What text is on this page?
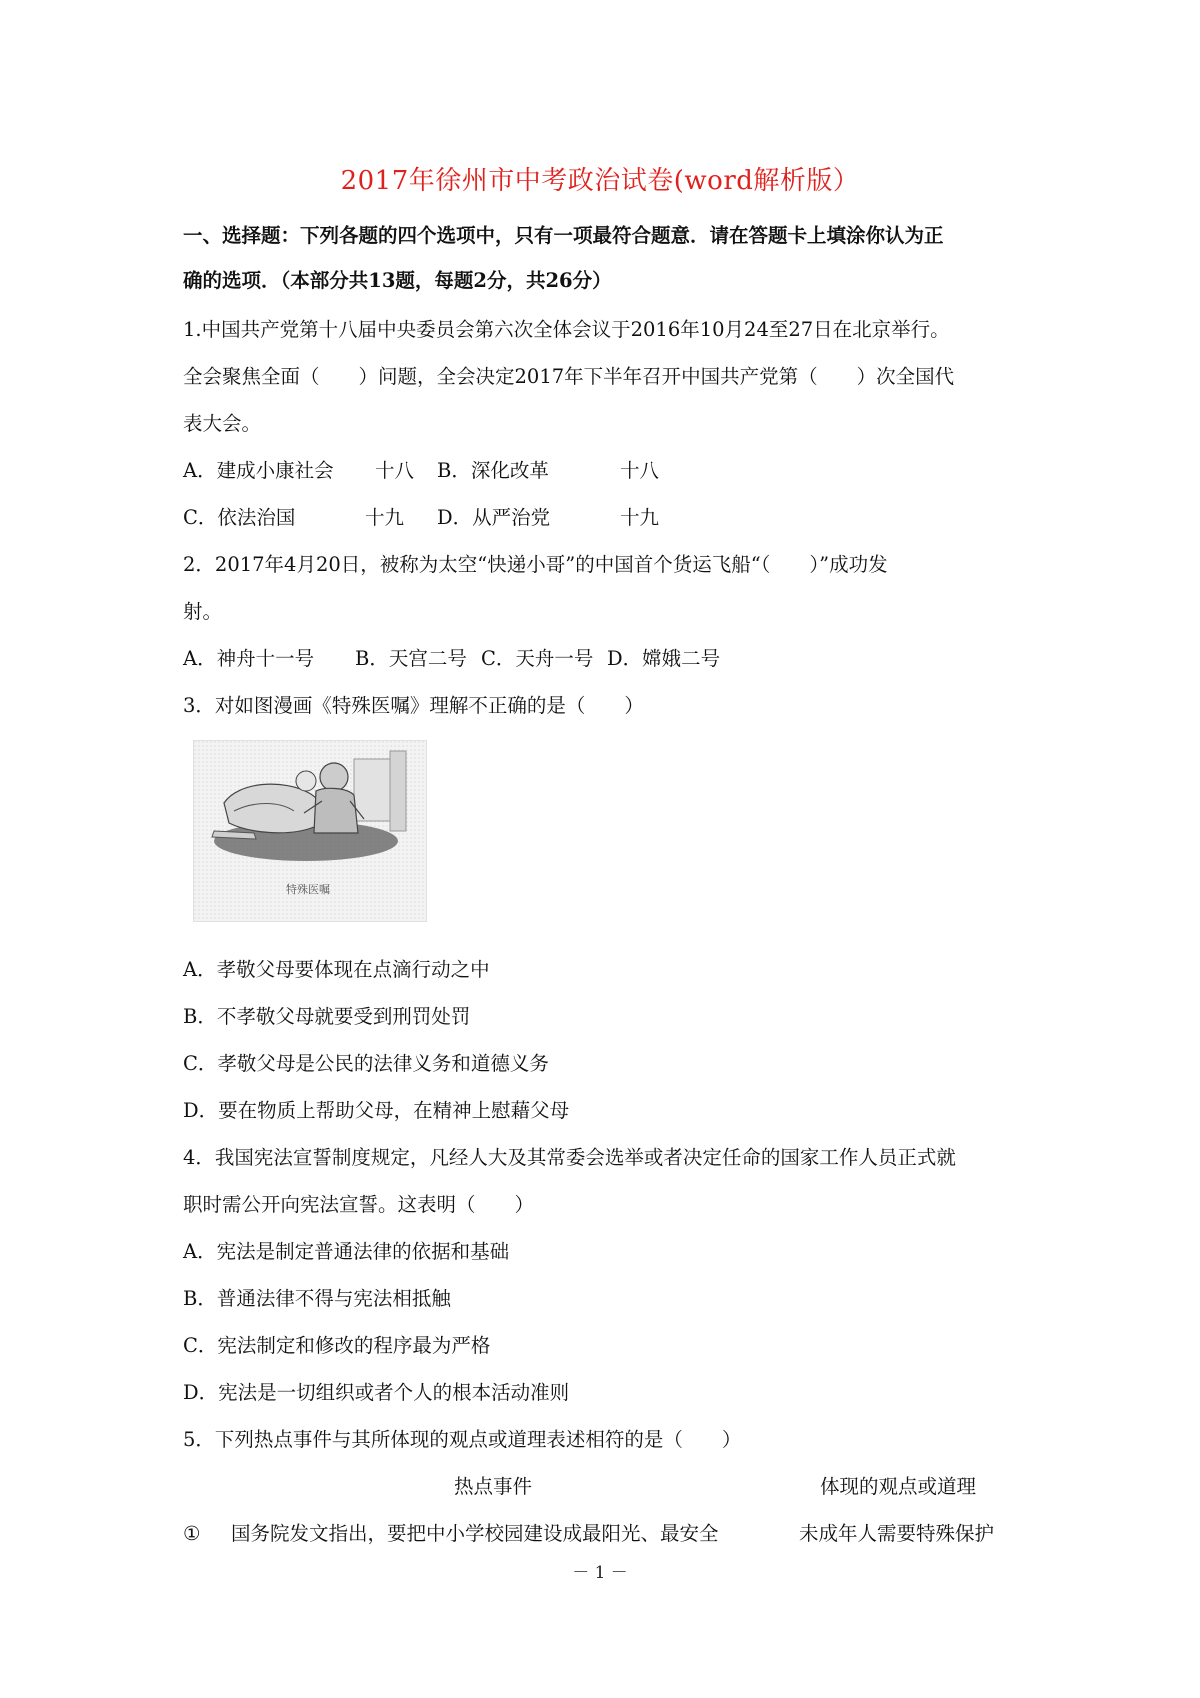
2017年徐州市中考政治试卷(word解析版）
一、选择题：下列各题的四个选项中，只有一项最符合题意．请在答题卡上填涂你认为正
确的选项．（本部分共13题，每题2分，共26分）
1.中国共产党第十八届中央委员会第六次全体会议于2016年10月24至27日在北京举行。
全会聚焦全面（　　）问题，全会决定2017年下半年召开中国共产党第（　　）次全国代
表大会。
A．建成小康社会 十八 B．深化改革	十八
C．依法治国	十九 D．从严治党	十九
2．2017年4月20日，被称为太空“快递小哥”的中国首个货运飞船“（　　）”成功发
射。
A．神舟十一号 B．天宫二号 C．天舟一号 D．嫦娥二号
3．对如图漫画《特殊医嘱》理解不正确的是（　　）
特殊医嘱
A．孝敬父母要体现在点滴行动之中
B．不孝敬父母就要受到刑罚处罚
C．孝敬父母是公民的法律义务和道德义务
D．要在物质上帮助父母，在精神上慰藉父母
4．我国宪法宣誓制度规定，凡经人大及其常委会选举或者决定任命的国家工作人员正式就
职时需公开向宪法宣誓。这表明（　　）
A．宪法是制定普通法律的依据和基础
B．普通法律不得与宪法相抵触
C．宪法制定和修改的程序最为严格
D．宪法是一切组织或者个人的根本活动准则
5．下列热点事件与其所体现的观点或道理表述相符的是（　　）
热点事件	体现的观点或道理
① 国务院发文指出，要把中小学校园建设成最阳光、最安全	未成年人需要特殊保护
－ 1 －
